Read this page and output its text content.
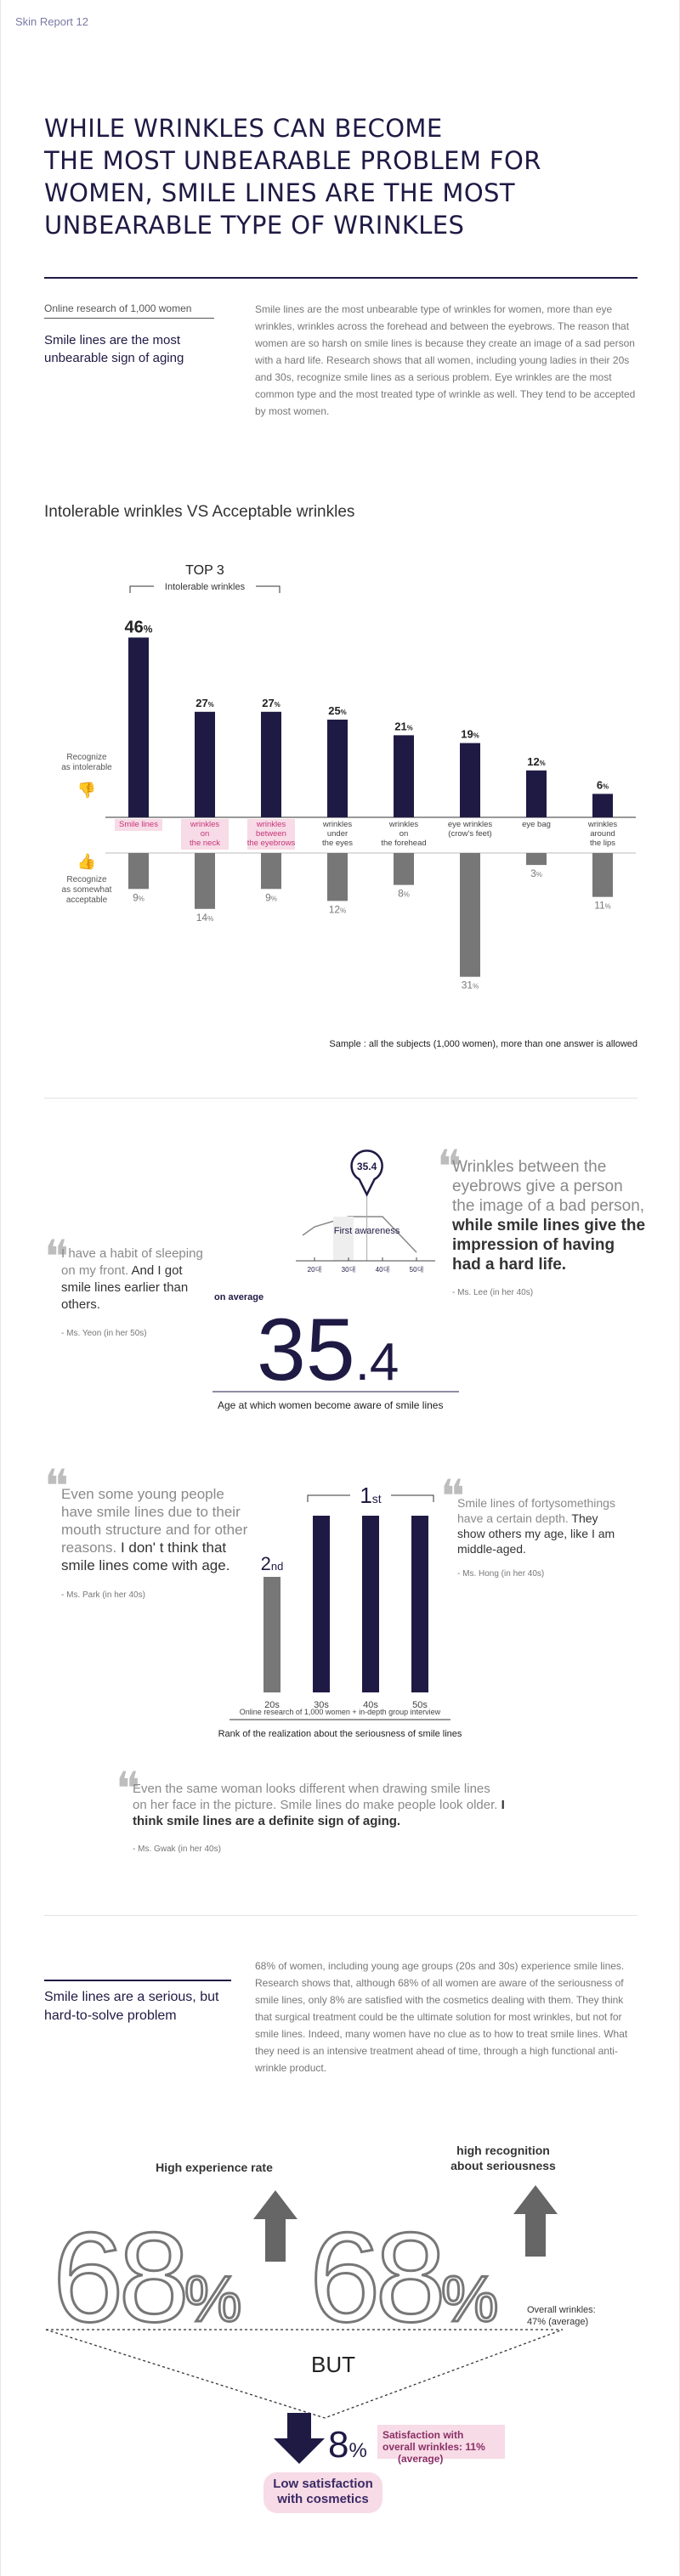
Skin Report 12
WHILE WRINKLES CAN BECOME
THE MOST UNBEARABLE PROBLEM FOR
WOMEN, SMILE LINES ARE THE MOST
UNBEARABLE TYPE OF WRINKLES
Online research of 1,000 women
Smile lines are the most unbearable sign of aging
Smile lines are the most unbearable type of wrinkles for women, more than eye wrinkles, wrinkles across the forehead and between the eyebrows. The reason that women are so harsh on smile lines is because they create an image of a sad person with a hard life. Research shows that all women, including young ladies in their 20s and 30s, recognize smile lines as a serious problem. Eye wrinkles are the most common type and the most treated type of wrinkle as well. They tend to be accepted by most women.
Intolerable wrinkles VS Acceptable wrinkles
Recognize as intolerable
👎
👍
Recognize as somewhat acceptable
TOP 3
Intolerable wrinkles
46%
9%
Smile lines
27%
14%
wrinkles on the neck
27%
9%
wrinkles between the eyebrows
25%
12%
wrinkles under the eyes
21%
8%
wrinkles on the forehead
19%
31%
eye wrinkles (crow's feet)
12%
3%
eye bag
6%
11%
wrinkles around the lips
Sample : all the subjects (1,000 women), more than one answer is allowed
35.4
First awareness
20대	30대	40대	50대
on average
35.4
Age at which women become aware of smile lines
❝
Wrinkles between the eyebrows give a person the image of a bad person, while smile lines give the impression of having had a hard life.
- Ms. Lee (in her 40s)
❝
I have a habit of sleeping on my front. And I got smile lines earlier than others.
- Ms. Yeon (in her 50s)
❝
Even some young people have smile lines due to their mouth structure and for other reasons. I don' t think that smile lines come with age.
- Ms. Park (in her 40s)
20s	30s	40s	50s
2nd
1st
Online research of 1,000 women + in-depth group interview
Rank of the realization about the seriousness of smile lines
❝
Smile lines of fortysomethings have a certain depth. They show others my age, like I am middle-aged.
- Ms. Hong (in her 40s)
❝
Even the same woman looks different when drawing smile lines on her face in the picture. Smile lines do make people look older. I think smile lines are a definite sign of aging.
- Ms. Gwak (in her 40s)
Smile lines are a serious, but hard-to-solve problem
68% of women, including young age groups (20s and 30s) experience smile lines. Research shows that, although 68% of all women are aware of the seriousness of smile lines, only 8% are satisfied with the cosmetics dealing with them. They think that surgical treatment could be the ultimate solution for most wrinkles, but not for smile lines. Indeed, many women have no clue as to how to treat smile lines. What they need is an intensive treatment ahead of time, through a high functional anti-wrinkle product.
High experience rate
high recognition about seriousness
68% 68%	Overall wrinkles: 47% (average)
BUT
8%
Satisfaction with overall wrinkles: 11% (average)
Low satisfaction with cosmetics
